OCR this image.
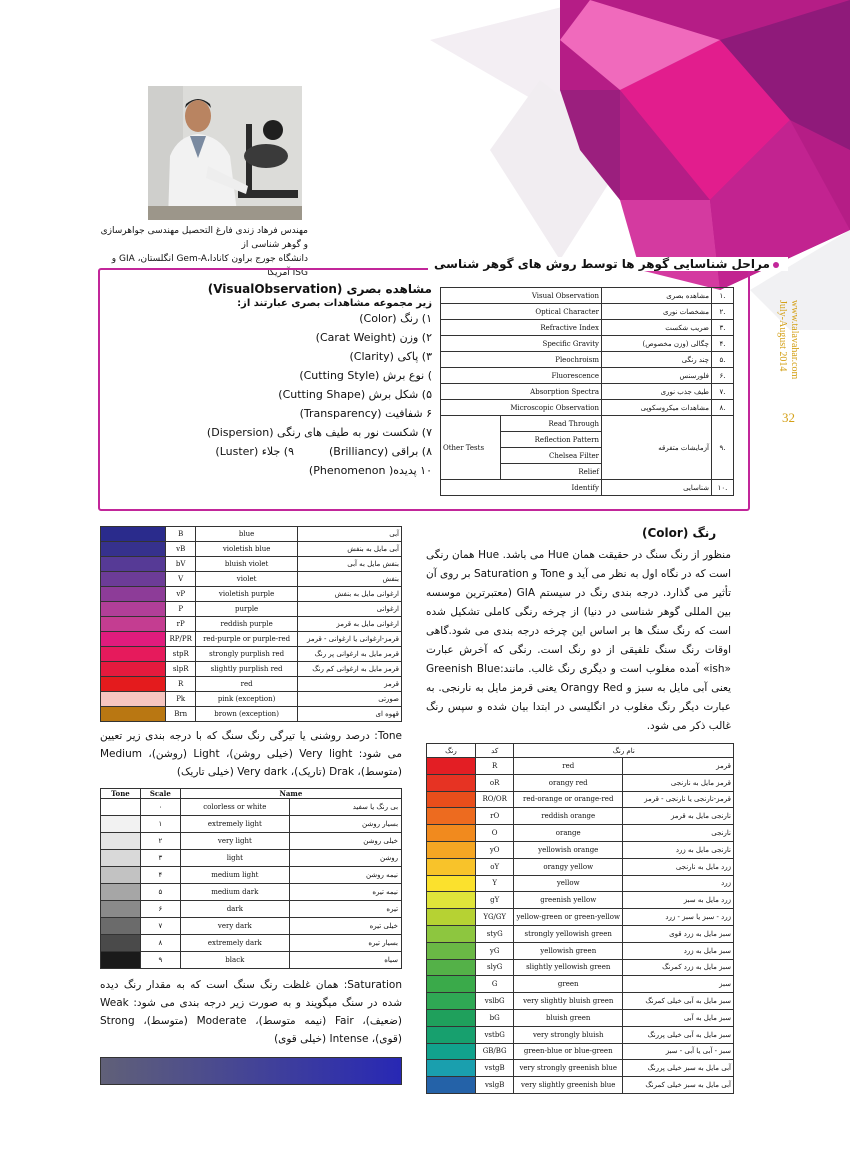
www.talavahar.com
July-August 2014
32
مهندس فرهاد زندی فارغ التحصیل مهندسی جواهرسازی و گوهر شناسی از
دانشگاه جورج براون کانادا،Gem-A انگلستان، GIA و ISG آمریکا
مراحل شناسایی گوهر ها توسط روش های گوهر شناسی
مشاهده بصری (VisualObservation)
زیر مجموعه مشاهدات بصری عبارتند از:
۱) رنگ (Color)
۲) وزن (Carat Weight)
۳) پاکی (Clarity)
) نوع برش (Cutting Style)
۵) شکل برش (Cutting Shape)
۶ شفافیت (Transparency)
۷) شکست نور به طیف های رنگی (Dispersion)
۸) براقی (Brilliancy)  ۹) جلاء (Luster)
۱۰ پدیده( Phenomenon)
Visual Observation		مشاهده بصری	۱.
Optical Character		مشخصات نوری	۲.
Refractive Index		ضریب شکست	۳.
Specific Gravity		چگالی (وزن مخصوص)	۴.
Pleochroism		چند رنگی	۵.
Fluorescence		فلورسنس	۶.
Absorption Spectra		طیف جذب نوری	۷.
Microscopic Observation		مشاهدات میکروسکوپی	۸.
Other Tests	Read Through	آزمایشات متفرقه	۹.
	Reflection Pattern		
	Chelsea Filter		
	Relief		
Identify		شناسایی	۱۰.
رنگ (Color)
منظور از رنگ سنگ در حقیقت همان Hue می باشد. Hue همان رنگی است که در نگاه اول به نظر می آید و Tone و Saturation بر روی آن تأثیر می گذارد. درجه بندی رنگ در سیستم GIA (معتبرترین موسسه بین المللی گوهر شناسی در دنیا) از چرخه رنگی کاملی تشکیل شده است که رنگ سنگ ها بر اساس این چرخه درجه بندی می شود.گاهی اوقات رنگ سنگ تلفیقی از دو رنگ است. رنگی که آخرش عبارت «ish» آمده مغلوب است و دیگری رنگ غالب. مانند:Greenish Blue یعنی آبی مایل به سبز و Orangy Red یعنی قرمز مایل به نارنجی. به عبارت دیگر رنگ مغلوب در انگلیسی در ابتدا بیان شده و سپس رنگ غالب ذکر می شود.
	B	blue	آبی
	vB	violetish blue	آبی مایل به بنفش
	bV	bluish violet	بنفش مایل به آبی
	V	violet	بنفش
	vP	violetish purple	ارغوانی مایل به بنفش
	P	purple	ارغوانی
	rP	reddish purple	ارغوانی مایل به قرمز
	RP/PR	red-purple or purple-red	قرمز-ارغوانی یا ارغوانی - قرمز
	stpR	strongly purplish red	قرمز مایل به ارغوانی پر رنگ
	slpR	slightly purplish red	قرمز مایل به ارغوانی کم رنگ
	R	red	قرمز
	Pk	pink (exception)	صورتی
	Brn	brown (exception)	قهوه ای
Tone: درصد روشنی یا تیرگی رنگ سنگ که با درجه بندی زیر تعیین می شود: Very light (خیلی روشن)، Light (روشن)، Medium (متوسط)، Drak (تاریک)، Very dark (خیلی تاریک)
Tone	Scale	Name
	۰	colorless or white بی رنگ یا سفید

	۱	extremely light بسیار روشن

	۲	very light خیلی روشن

	۳	light روشن

	۴	medium light نیمه روشن

	۵	medium dark نیمه تیره

	۶	dark تیره

	۷	very dark خیلی تیره

	۸	extremely dark بسیار تیره

	۹	black سیاه
Saturation: همان غلظت رنگ سنگ است که به مقدار رنگ دیده شده در سنگ میگویند و به صورت زیر درجه بندی می شود: Weak (ضعیف)، Fair (نیمه متوسط)، Moderate (متوسط)، Strong (قوی)، Intense (خیلی قوی)
رنگ	کد	نام رنگ	
	R	red	قرمز
	oR	orangy red	قرمز مایل به نارنجی
	RO/OR	red-orange or orange-red	قرمز-نارنجی یا نارنجی - قرمز
	rO	reddish orange	نارنجی مایل به قرمز
	O	orange	نارنجی
	yO	yellowish orange	نارنجی مایل به زرد
	oY	orangy yellow	زرد مایل به نارنجی
	Y	yellow	زرد
	gY	greenish yellow	زرد مایل به سبز
	YG/GY	yellow-green or green-yellow	زرد - سبز یا سبز - زرد
	styG	strongly yellowish green	سبز مایل به زرد قوی
	yG	yellowish green	سبز مایل به زرد
	slyG	slightly yellowish green	سبز مایل به زرد کمرنگ
	G	green	سبز
	vslbG	very slightly bluish green	سبز مایل به آبی خیلی کمرنگ
	bG	bluish green	سبز مایل به آبی
	vstbG	very strongly bluish	سبز مایل به آبی خیلی پررنگ
	GB/BG	green-blue or blue-green	سبز - آبی یا آبی - سبز
	vstgB	very strongly greenish blue	آبی مایل به سبز خیلی پررنگ
	vslgB	very slightly greenish blue	آبی مایل به سبز خیلی کمرنگ
